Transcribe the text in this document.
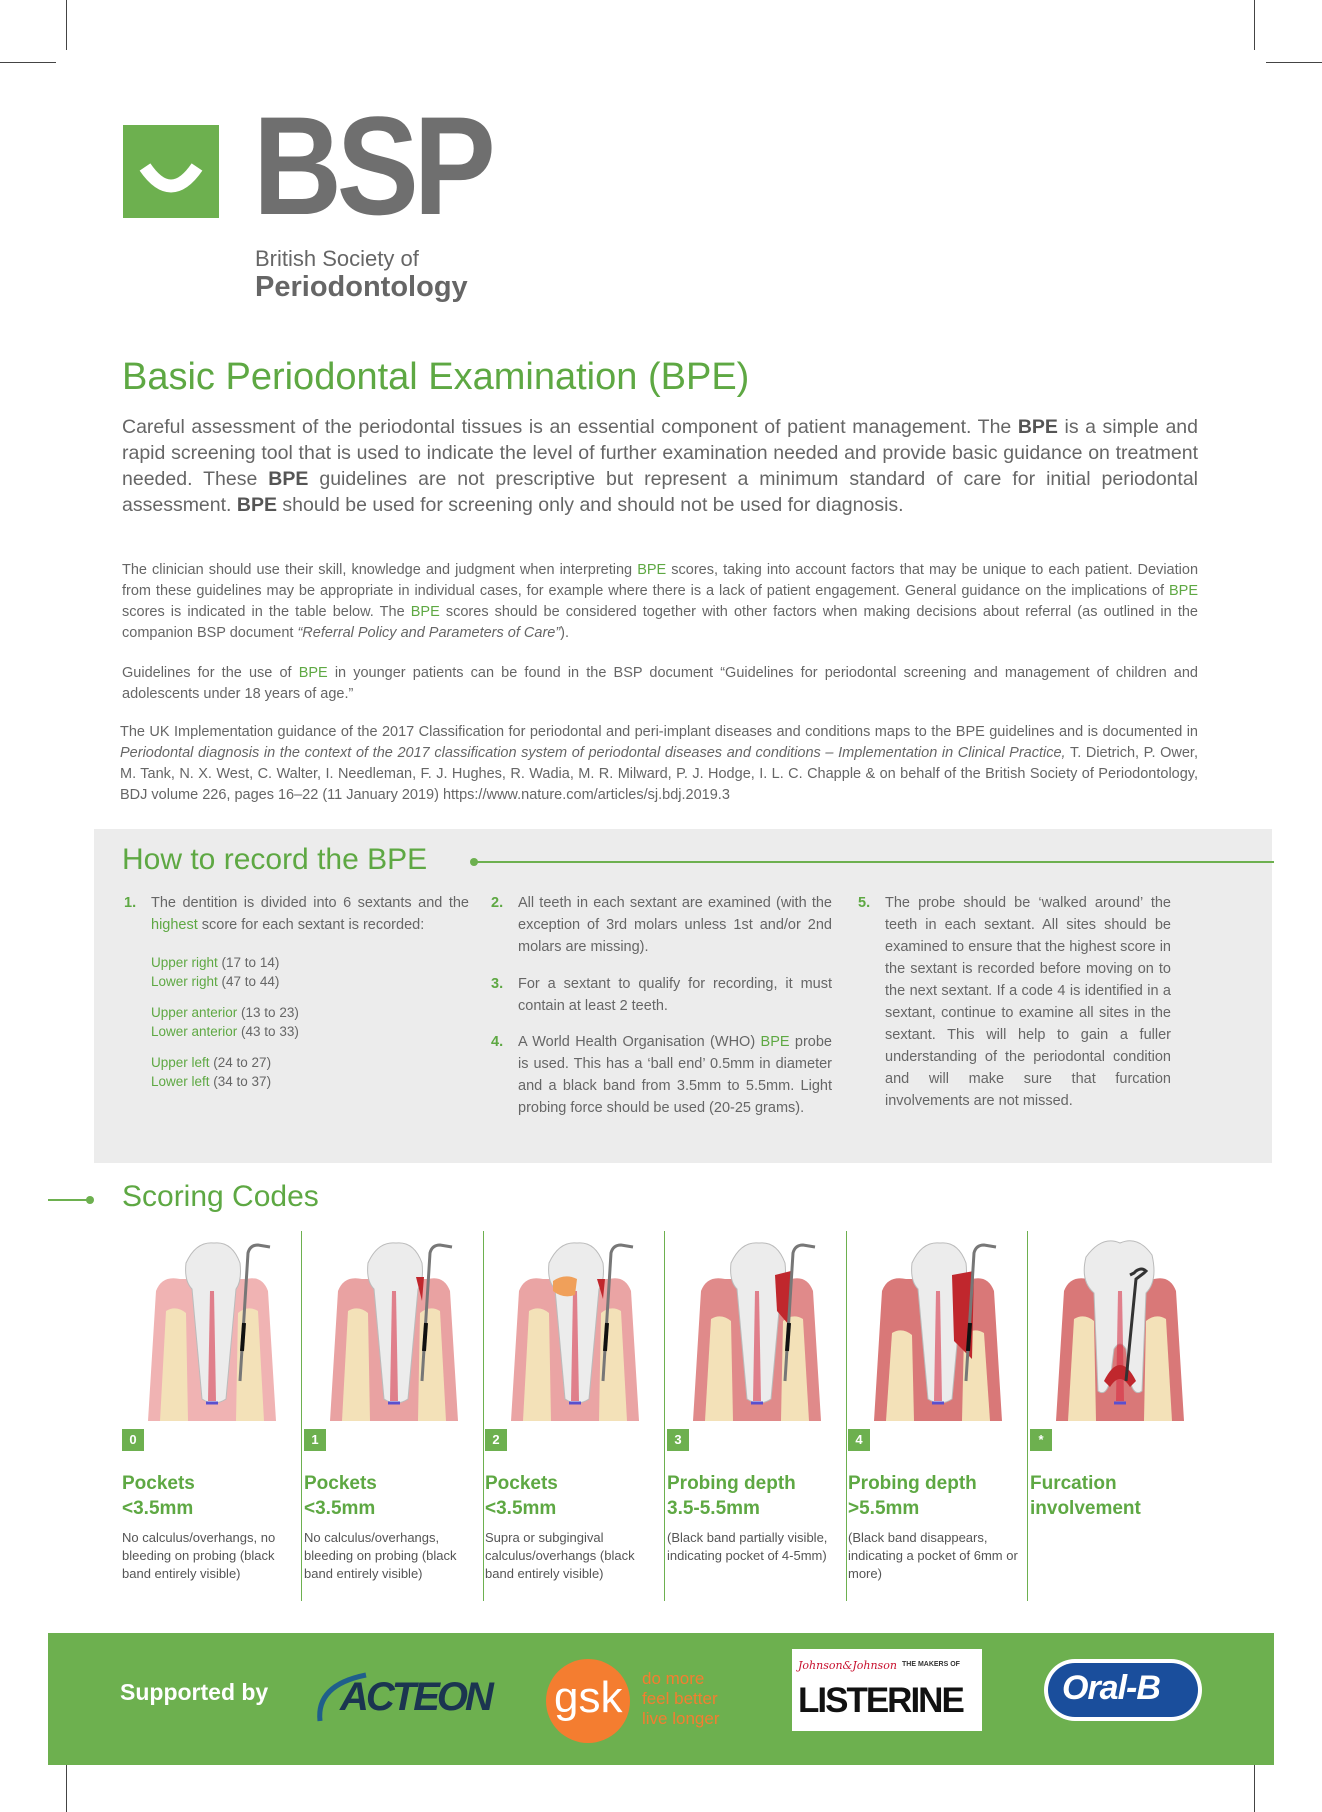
BSP
British Society of
Periodontology
Basic Periodontal Examination (BPE)
Careful assessment of the periodontal tissues is an essential component of patient management. The BPE is a simple and rapid screening tool that is used to indicate the level of further examination needed and provide basic guidance on treatment needed. These BPE guidelines are not prescriptive but represent a minimum standard of care for initial periodontal assessment. BPE should be used for screening only and should not be used for diagnosis.
The clinician should use their skill, knowledge and judgment when interpreting BPE scores, taking into account factors that may be unique to each patient. Deviation from these guidelines may be appropriate in individual cases, for example where there is a lack of patient engagement. General guidance on the implications of BPE scores is indicated in the table below. The BPE scores should be considered together with other factors when making decisions about referral (as outlined in the companion BSP document “Referral Policy and Parameters of Care”).
Guidelines for the use of BPE in younger patients can be found in the BSP document “Guidelines for periodontal screening and management of children and adolescents under 18 years of age.”
The UK Implementation guidance of the 2017 Classification for periodontal and peri-implant diseases and conditions maps to the BPE guidelines and is documented in Periodontal diagnosis in the context of the 2017 classification system of periodontal diseases and conditions – Implementation in Clinical Practice, T. Dietrich, P. Ower, M. Tank, N. X. West, C. Walter, I. Needleman, F. J. Hughes, R. Wadia, M. R. Milward, P. J. Hodge, I. L. C. Chapple & on behalf of the British Society of Periodontology, BDJ volume 226, pages 16–22 (11 January 2019) https://www.nature.com/articles/sj.bdj.2019.3
How to record the BPE
1. The dentition is divided into 6 sextants and the highest score for each sextant is recorded:
Upper right (17 to 14)
Lower right (47 to 44)
Upper anterior (13 to 23)
Lower anterior (43 to 33)
Upper left (24 to 27)
Lower left (34 to 37)
2. All teeth in each sextant are examined (with the exception of 3rd molars unless 1st and/or 2nd molars are missing).
3. For a sextant to qualify for recording, it must contain at least 2 teeth.
4. A World Health Organisation (WHO) BPE probe is used. This has a ‘ball end’ 0.5mm in diameter and a black band from 3.5mm to 5.5mm. Light probing force should be used (20-25 grams).
5. The probe should be ‘walked around’ the teeth in each sextant. All sites should be examined to ensure that the highest score in the sextant is recorded before moving on to the next sextant. If a code 4 is identified in a sextant, continue to examine all sites in the sextant. This will help to gain a fuller understanding of the periodontal condition and will make sure that furcation involvements are not missed.
Scoring Codes
0
Pockets
<3.5mm
No calculus/overhangs, no bleeding on probing (black band entirely visible)
1
Pockets
<3.5mm
No calculus/overhangs, bleeding on probing (black band entirely visible)
2
Pockets
<3.5mm
Supra or subgingival calculus/overhangs (black band entirely visible)
3
Probing depth
3.5-5.5mm
(Black band partially visible, indicating pocket of 4-5mm)
4
Probing depth
>5.5mm
(Black band disappears, indicating a pocket of 6mm or more)
*
Furcation
involvement
Supported by ACTEON gsk do more
feel better
live longer
Johnson&Johnson THE MAKERS OF
LISTERINE	Oral-B
